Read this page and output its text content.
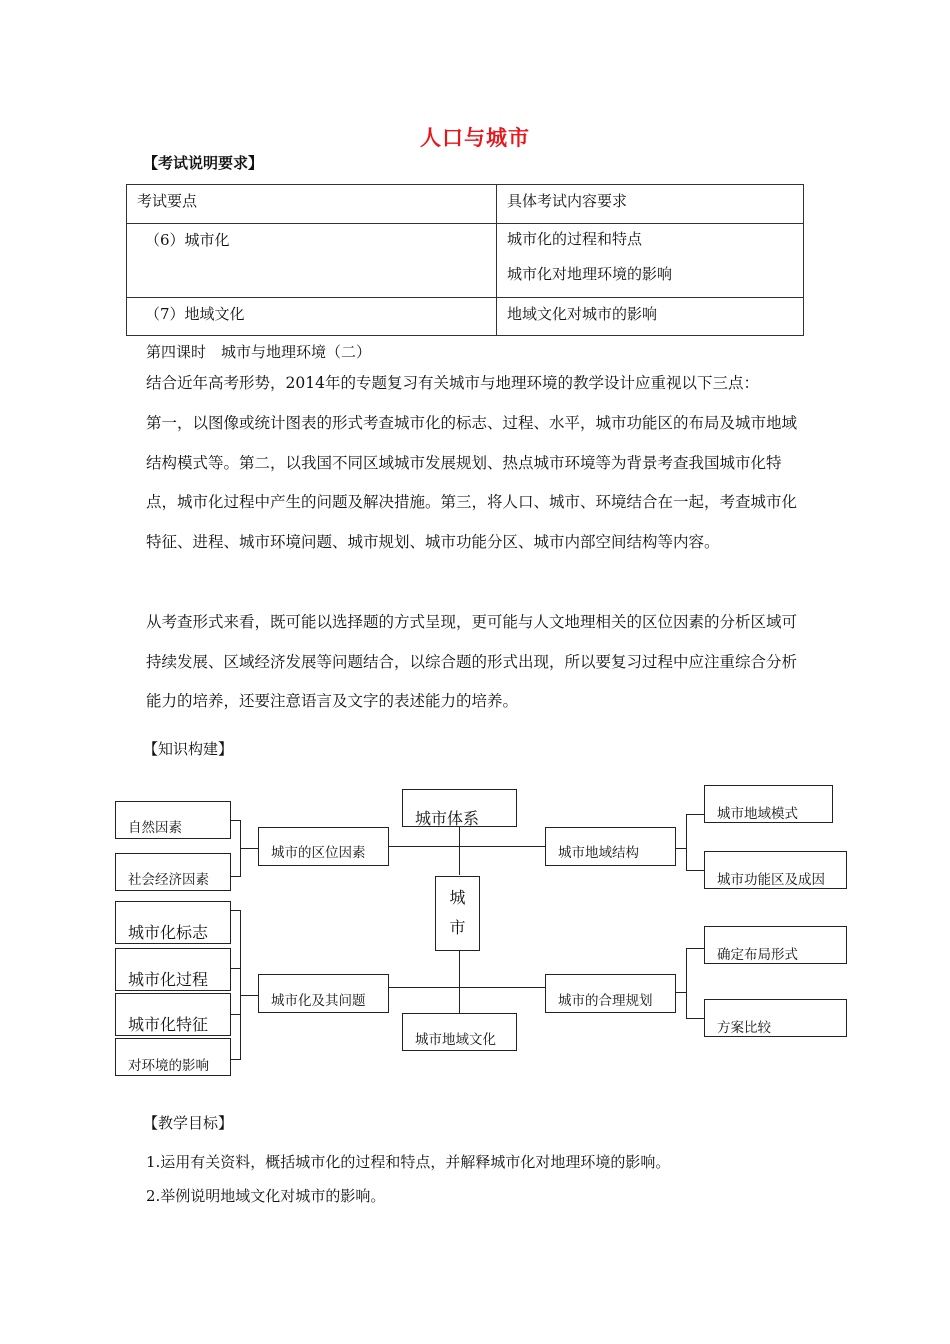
人口与城市
【考试说明要求】
考试要点	具体考试内容要求
（6）城市化	城市化的过程和特点
城市化对地理环境的影响

（7）地域文化	地域文化对城市的影响
第四课时　城市与地理环境（二）
结合近年高考形势，2014年的专题复习有关城市与地理环境的教学设计应重视以下三点：
第一，以图像或统计图表的形式考查城市化的标志、过程、水平，城市功能区的布局及城市地域结构模式等。第二，以我国不同区域城市发展规划、热点城市环境等为背景考查我国城市化特点，城市化过程中产生的问题及解决措施。第三，将人口、城市、环境结合在一起，考查城市化特征、进程、城市环境问题、城市规划、城市功能分区、城市内部空间结构等内容。
从考查形式来看，既可能以选择题的方式呈现，更可能与人文地理相关的区位因素的分析区域可持续发展、区域经济发展等问题结合，以综合题的形式出现，所以要复习过程中应注重综合分析能力的培养，还要注意语言及文字的表述能力的培养。
【知识构建】
城
市
城市体系
城市地域文化
城市的区位因素
城市化及其问题
城市地域结构
城市的合理规划
自然因素
社会经济因素
城市化标志
城市化过程
城市化特征
对环境的影响
城市地域模式
城市功能区及成因
确定布局形式
方案比较
【教学目标】
1.运用有关资料，概括城市化的过程和特点，并解释城市化对地理环境的影响。
2.举例说明地域文化对城市的影响。
